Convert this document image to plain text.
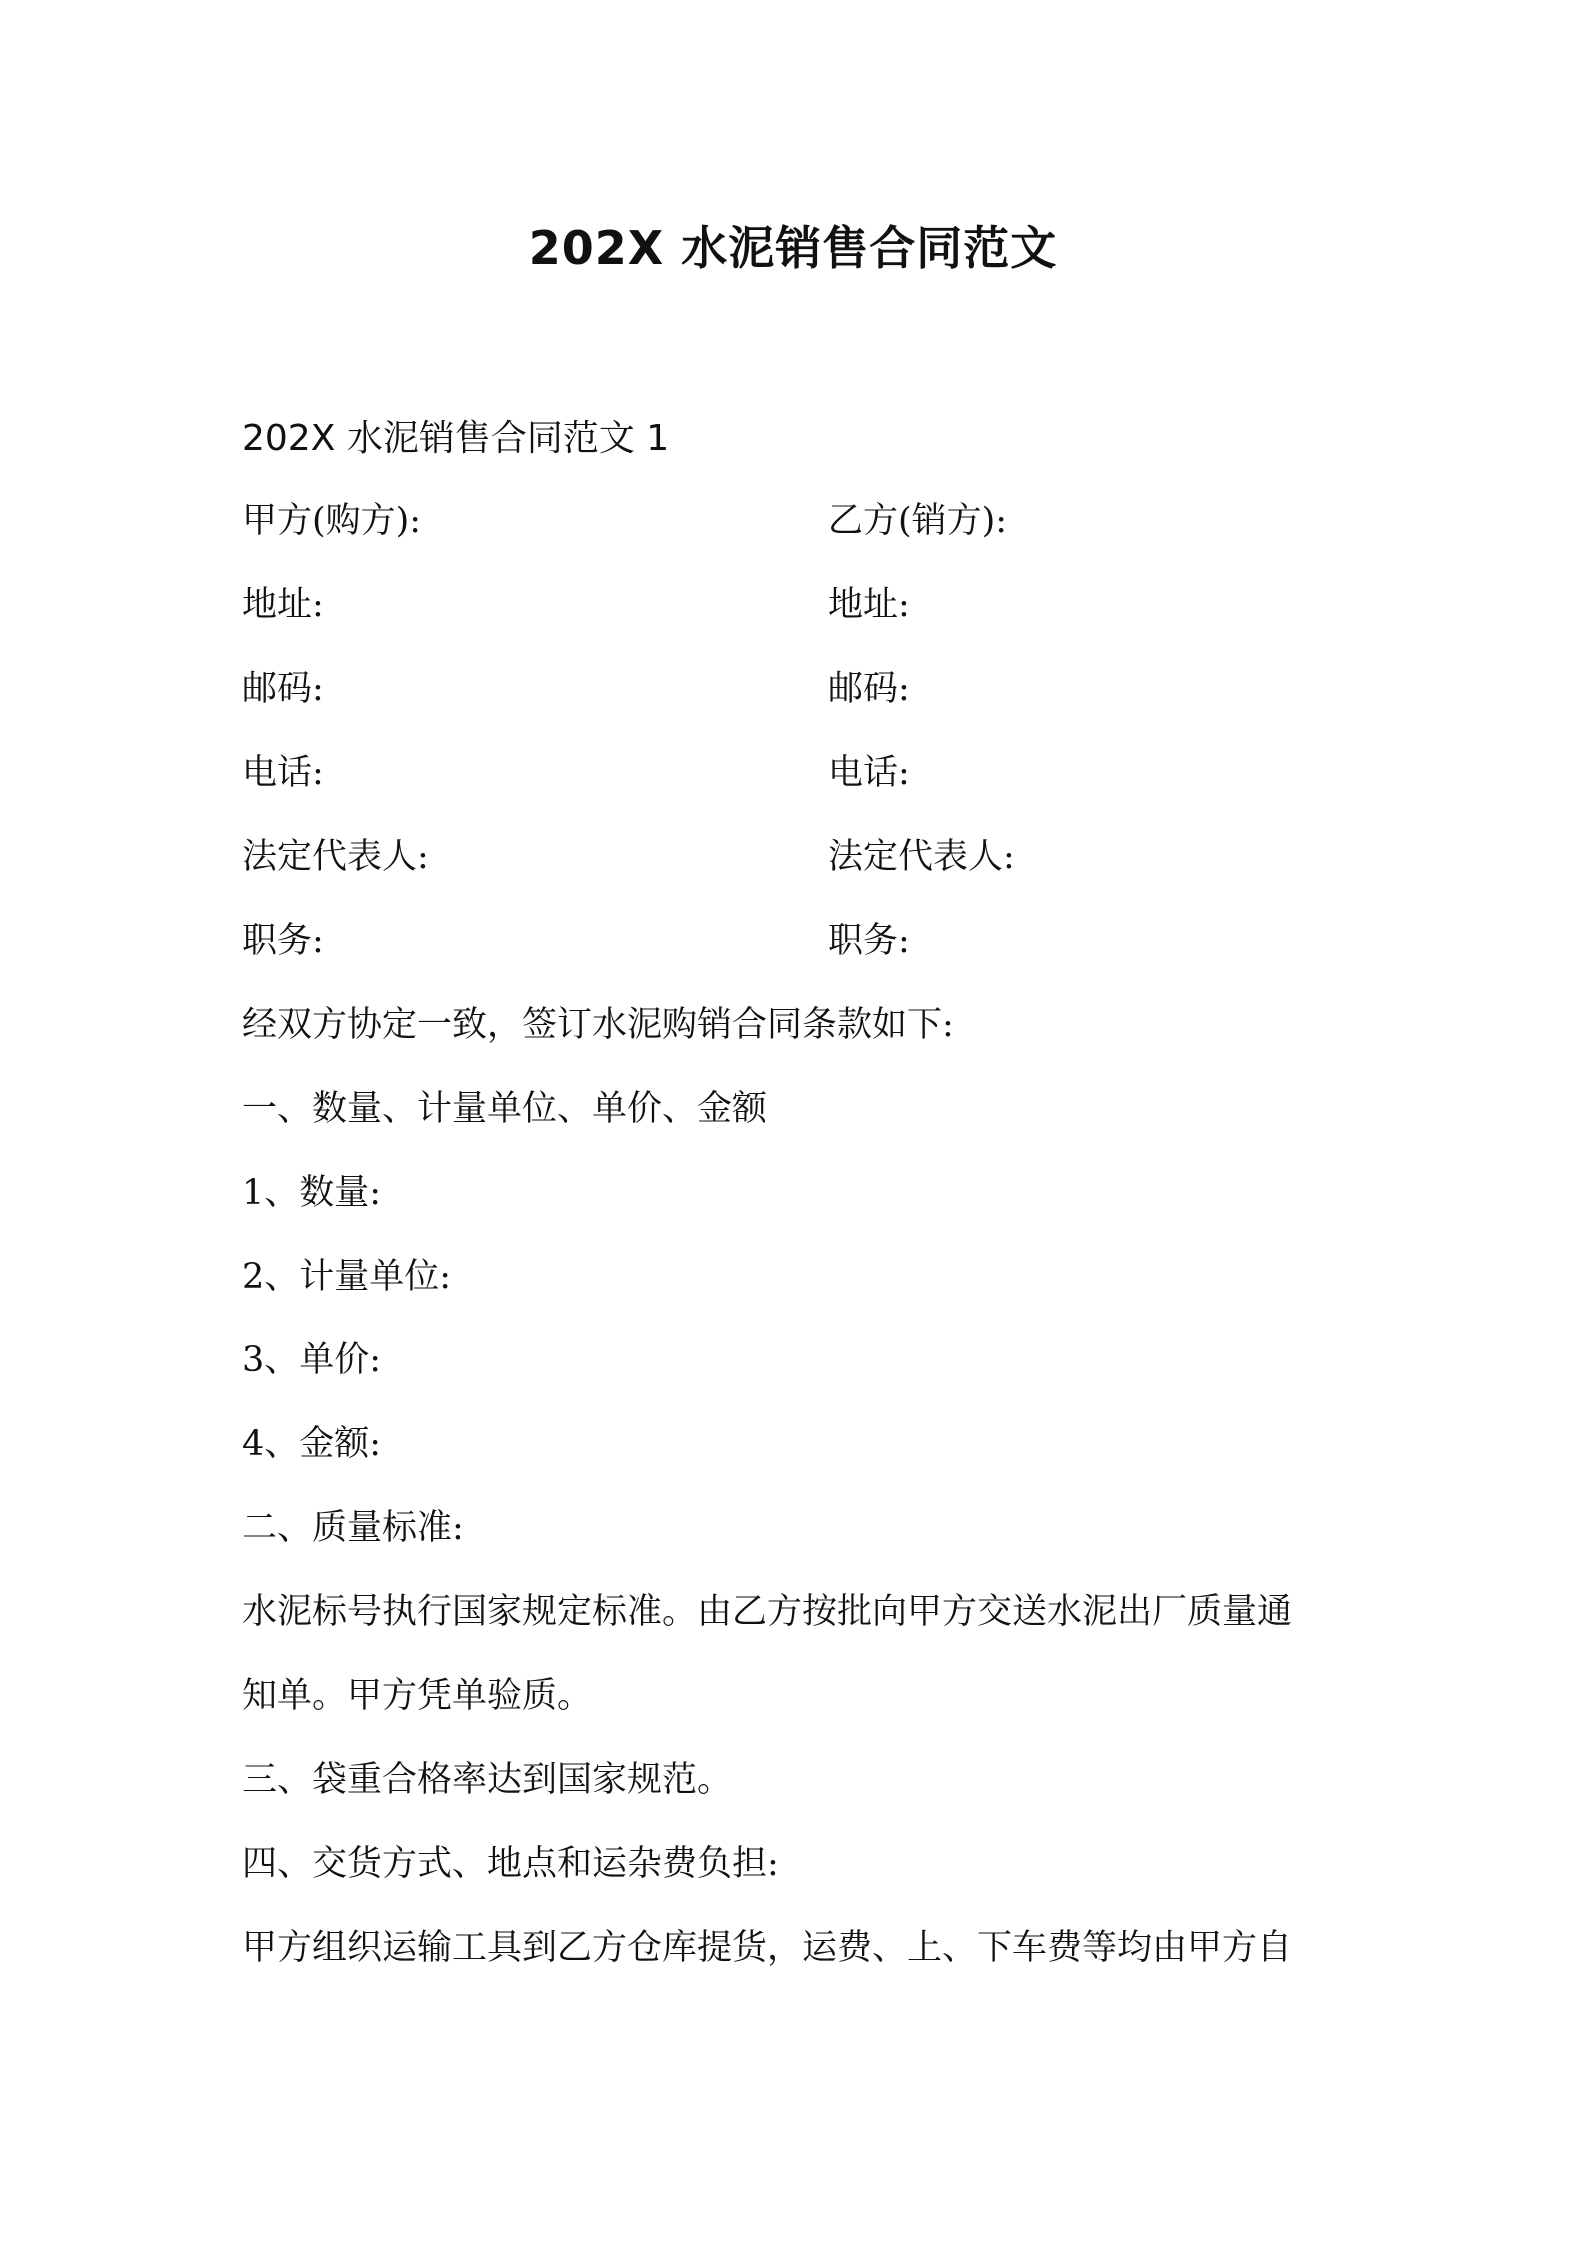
202X 水泥销售合同范文
202X 水泥销售合同范文 1
甲方(购方):	乙方(销方):
地址:	地址:
邮码:	邮码:
电话:	电话:
法定代表人:	法定代表人:
职务:	职务:
经双方协定一致，签订水泥购销合同条款如下:
一、数量、计量单位、单价、金额
1、数量:
2、计量单位:
3、单价:
4、金额:
二、质量标准:
水泥标号执行国家规定标准。由乙方按批向甲方交送水泥出厂质量通
知单。甲方凭单验质。
三、袋重合格率达到国家规范。
四、交货方式、地点和运杂费负担:
甲方组织运输工具到乙方仓库提货，运费、上、下车费等均由甲方自
